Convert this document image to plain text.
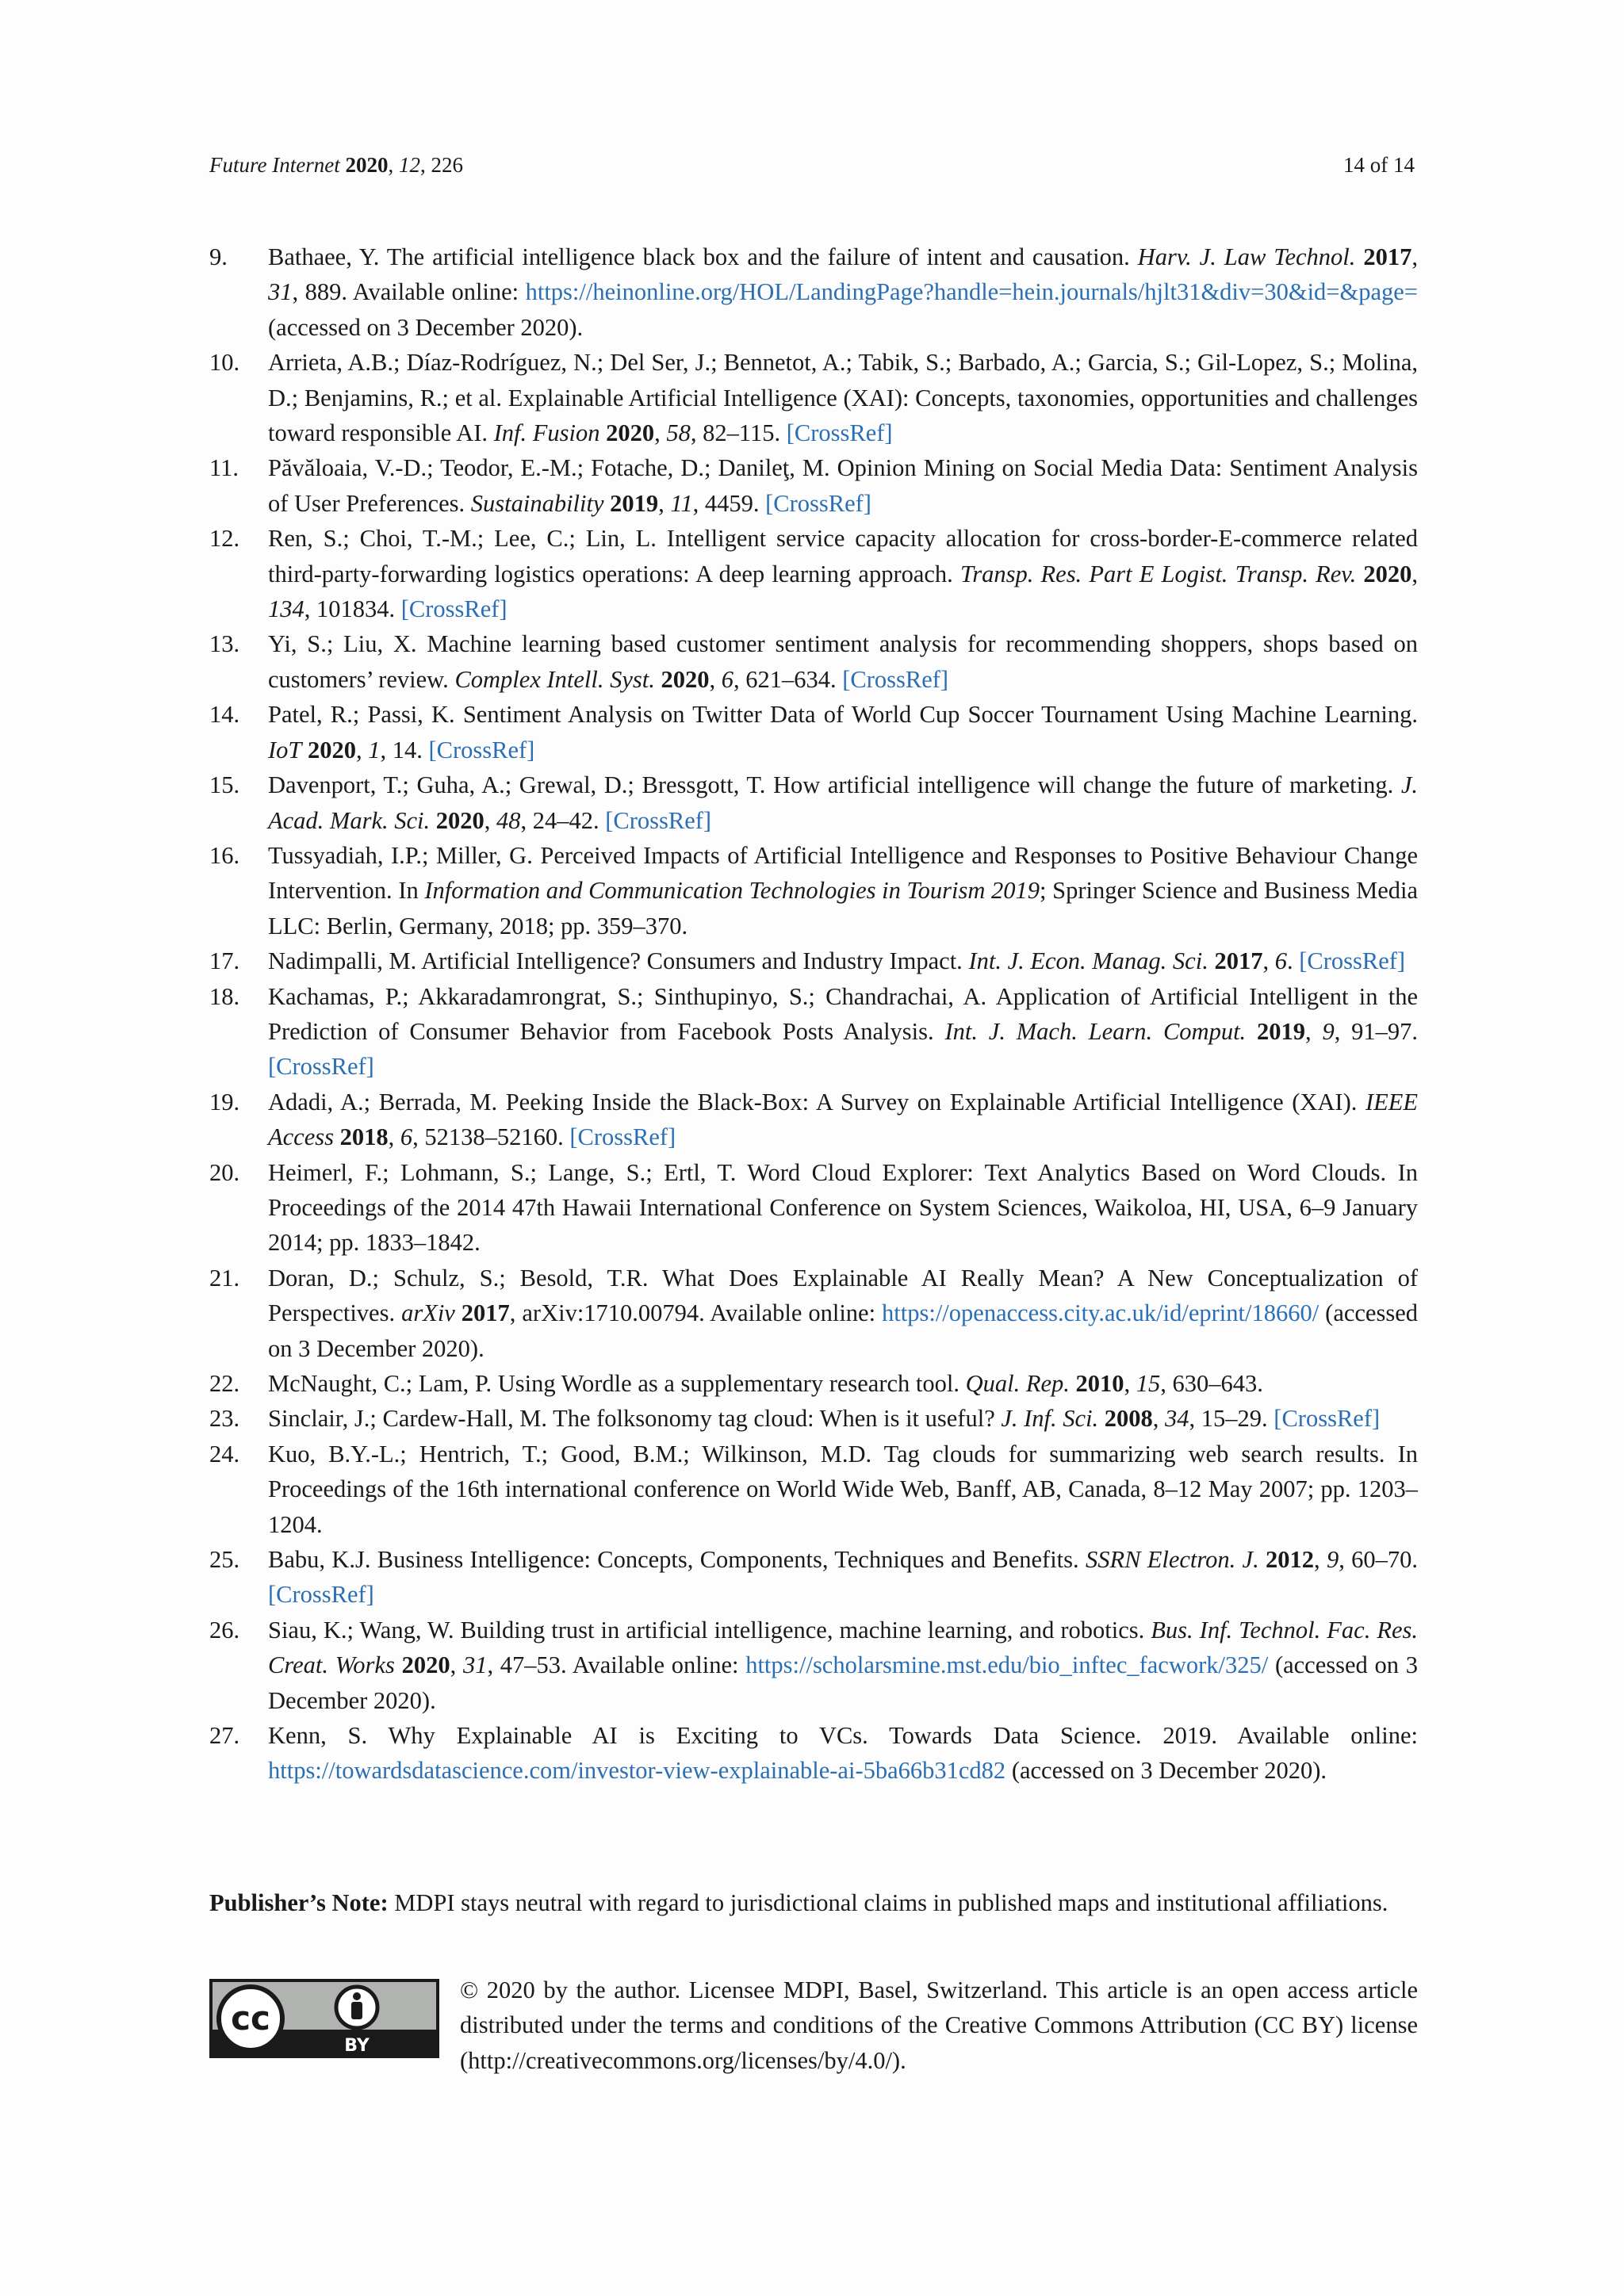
Future Internet 2020, 12, 226	14 of 14
9. Bathaee, Y. The artificial intelligence black box and the failure of intent and causation. Harv. J. Law Technol. 2017, 31, 889. Available online: https://heinonline.org/HOL/LandingPage?handle=hein.journals/hjlt31&div=30&id=&page= (accessed on 3 December 2020).
10. Arrieta, A.B.; Díaz-Rodríguez, N.; Del Ser, J.; Bennetot, A.; Tabik, S.; Barbado, A.; Garcia, S.; Gil-Lopez, S.; Molina, D.; Benjamins, R.; et al. Explainable Artificial Intelligence (XAI): Concepts, taxonomies, opportunities and challenges toward responsible AI. Inf. Fusion 2020, 58, 82–115. [CrossRef]
11. Păvăloaia, V.-D.; Teodor, E.-M.; Fotache, D.; Danileţ, M. Opinion Mining on Social Media Data: Sentiment Analysis of User Preferences. Sustainability 2019, 11, 4459. [CrossRef]
12. Ren, S.; Choi, T.-M.; Lee, C.; Lin, L. Intelligent service capacity allocation for cross-border-E-commerce related third-party-forwarding logistics operations: A deep learning approach. Transp. Res. Part E Logist. Transp. Rev. 2020, 134, 101834. [CrossRef]
13. Yi, S.; Liu, X. Machine learning based customer sentiment analysis for recommending shoppers, shops based on customers’ review. Complex Intell. Syst. 2020, 6, 621–634. [CrossRef]
14. Patel, R.; Passi, K. Sentiment Analysis on Twitter Data of World Cup Soccer Tournament Using Machine Learning. IoT 2020, 1, 14. [CrossRef]
15. Davenport, T.; Guha, A.; Grewal, D.; Bressgott, T. How artificial intelligence will change the future of marketing. J. Acad. Mark. Sci. 2020, 48, 24–42. [CrossRef]
16. Tussyadiah, I.P.; Miller, G. Perceived Impacts of Artificial Intelligence and Responses to Positive Behaviour Change Intervention. In Information and Communication Technologies in Tourism 2019; Springer Science and Business Media LLC: Berlin, Germany, 2018; pp. 359–370.
17. Nadimpalli, M. Artificial Intelligence? Consumers and Industry Impact. Int. J. Econ. Manag. Sci. 2017, 6. [CrossRef]
18. Kachamas, P.; Akkaradamrongrat, S.; Sinthupinyo, S.; Chandrachai, A. Application of Artificial Intelligent in the Prediction of Consumer Behavior from Facebook Posts Analysis. Int. J. Mach. Learn. Comput. 2019, 9, 91–97. [CrossRef]
19. Adadi, A.; Berrada, M. Peeking Inside the Black-Box: A Survey on Explainable Artificial Intelligence (XAI). IEEE Access 2018, 6, 52138–52160. [CrossRef]
20. Heimerl, F.; Lohmann, S.; Lange, S.; Ertl, T. Word Cloud Explorer: Text Analytics Based on Word Clouds. In Proceedings of the 2014 47th Hawaii International Conference on System Sciences, Waikoloa, HI, USA, 6–9 January 2014; pp. 1833–1842.
21. Doran, D.; Schulz, S.; Besold, T.R. What Does Explainable AI Really Mean? A New Conceptualization of Perspectives. arXiv 2017, arXiv:1710.00794. Available online: https://openaccess.city.ac.uk/id/eprint/18660/ (accessed on 3 December 2020).
22. McNaught, C.; Lam, P. Using Wordle as a supplementary research tool. Qual. Rep. 2010, 15, 630–643.
23. Sinclair, J.; Cardew-Hall, M. The folksonomy tag cloud: When is it useful? J. Inf. Sci. 2008, 34, 15–29. [CrossRef]
24. Kuo, B.Y.-L.; Hentrich, T.; Good, B.M.; Wilkinson, M.D. Tag clouds for summarizing web search results. In Proceedings of the 16th international conference on World Wide Web, Banff, AB, Canada, 8–12 May 2007; pp. 1203–1204.
25. Babu, K.J. Business Intelligence: Concepts, Components, Techniques and Benefits. SSRN Electron. J. 2012, 9, 60–70. [CrossRef]
26. Siau, K.; Wang, W. Building trust in artificial intelligence, machine learning, and robotics. Bus. Inf. Technol. Fac. Res. Creat. Works 2020, 31, 47–53. Available online: https://scholarsmine.mst.edu/bio_inftec_facwork/325/ (accessed on 3 December 2020).
27. Kenn, S. Why Explainable AI is Exciting to VCs. Towards Data Science. 2019. Available online: https://towardsdatascience.com/investor-view-explainable-ai-5ba66b31cd82 (accessed on 3 December 2020).
Publisher’s Note: MDPI stays neutral with regard to jurisdictional claims in published maps and institutional affiliations.
cc
BY
© 2020 by the author. Licensee MDPI, Basel, Switzerland. This article is an open access article distributed under the terms and conditions of the Creative Commons Attribution (CC BY) license (http://creativecommons.org/licenses/by/4.0/).
